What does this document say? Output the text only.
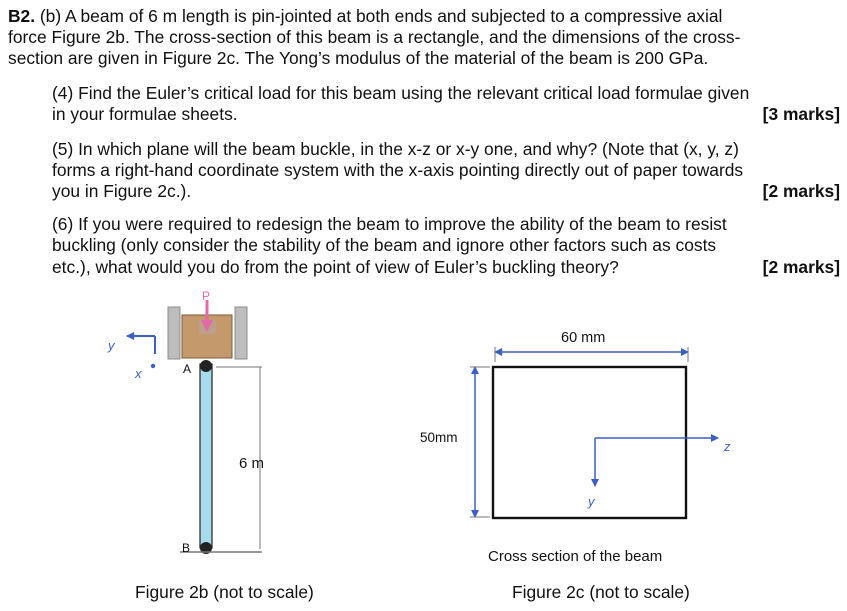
B2. (b) A beam of 6 m length is pin-jointed at both ends and subjected to a compressive axial
force Figure 2b. The cross-section of this beam is a rectangle, and the dimensions of the cross-
section are given in Figure 2c. The Yong’s modulus of the material of the beam is 200 GPa.
(4) Find the Euler’s critical load for this beam using the relevant critical load formulae given
in your formulae sheets.	[3 marks]
(5) In which plane will the beam buckle, in the x-z or x-y one, and why? (Note that (x, y, z)
forms a right-hand coordinate system with the x-axis pointing directly out of paper towards
you in Figure 2c.).	[2 marks]
(6) If you were required to redesign the beam to improve the ability of the beam to resist
buckling (only consider the stability of the beam and ignore other factors such as costs
etc.), what would you do from the point of view of Euler’s buckling theory?	[2 marks]
P
y
x	A
B
6 m
Figure 2b (not to scale)
60 mm
50mm
z
y
Cross section of the beam
Figure 2c (not to scale)
